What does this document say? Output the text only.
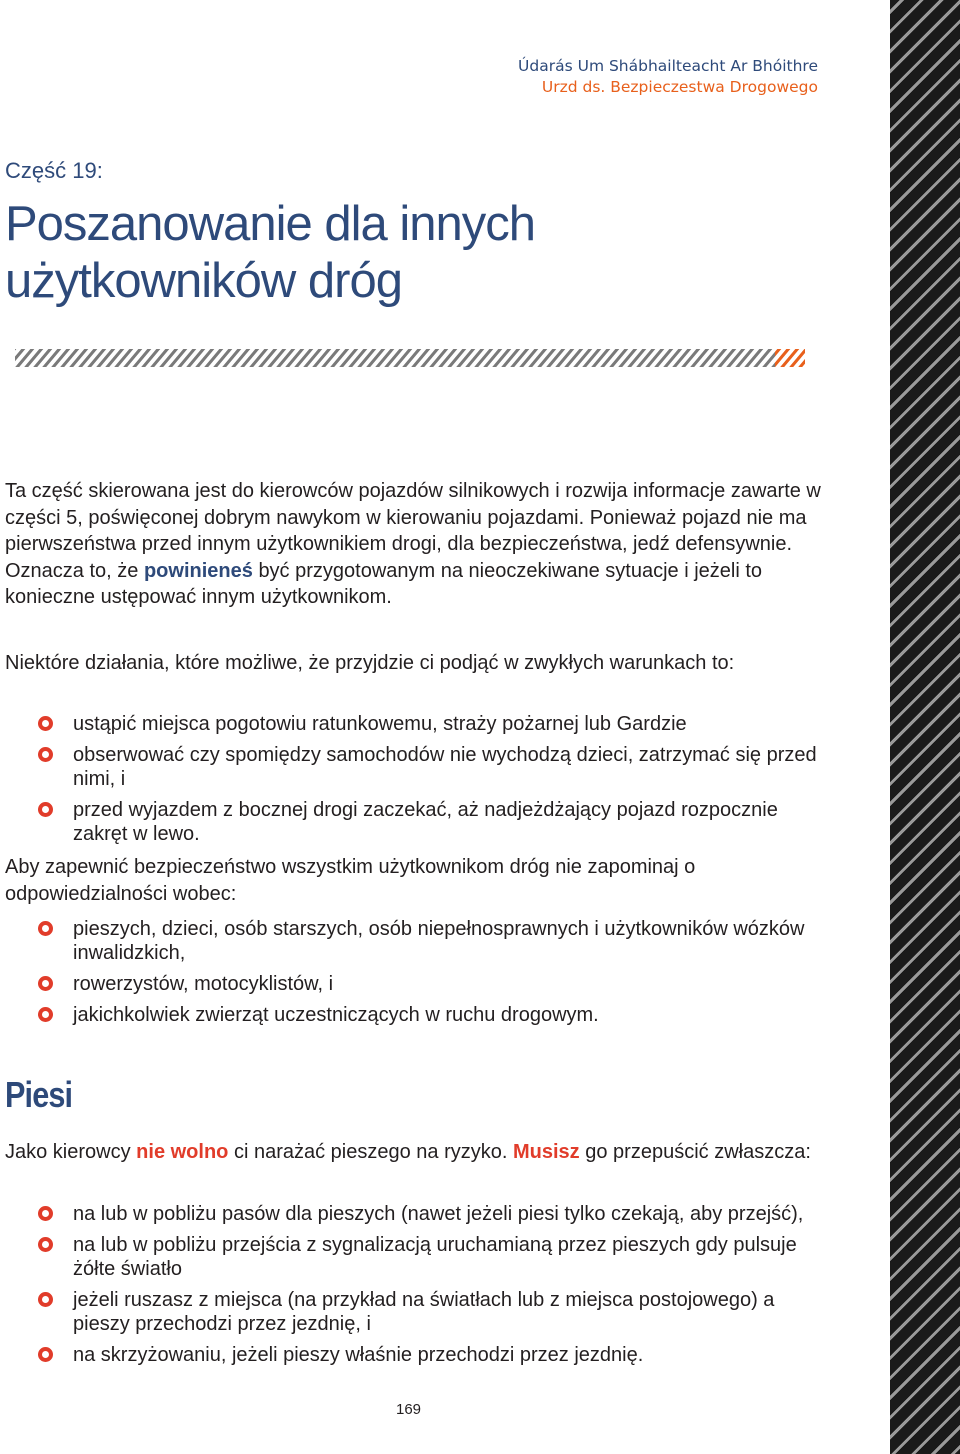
Údarás Um Shábhailteacht Ar Bhóithre
Urzd ds. Bezpieczestwa Drogowego
Część 19:
Poszanowanie dla innych
użytkowników dróg

Ta część skierowana jest do kierowców pojazdów silnikowych i rozwija informacje zawarte w części 5, poświęconej dobrym nawykom w kierowaniu pojazdami. Ponieważ pojazd nie ma pierwszeństwa przed innym użytkownikiem drogi, dla bezpieczeństwa, jedź defensywnie. Oznacza to, że powinieneś być przygotowanym na nieoczekiwane sytuacje i jeżeli to konieczne ustępować innym użytkownikom.

Niektóre działania, które możliwe, że przyjdzie ci podjąć w zwykłych warunkach to:

ustąpić miejsca pogotowiu ratunkowemu, straży pożarnej lub Gardzie
obserwować czy spomiędzy samochodów nie wychodzą dzieci, zatrzymać się przed nimi, i
przed wyjazdem z bocznej drogi zaczekać, aż nadjeżdżający pojazd rozpocznie zakręt w lewo.

Aby zapewnić bezpieczeństwo wszystkim użytkownikom dróg nie zapominaj o odpowiedzialności wobec:

pieszych, dzieci, osób starszych, osób niepełnosprawnych i użytkowników wózków inwalidzkich,
rowerzystów, motocyklistów, i
jakichkolwiek zwierząt uczestniczących w ruchu drogowym.
Piesi

Jako kierowcy nie wolno ci narażać pieszego na ryzyko. Musisz go przepuścić zwłaszcza:

na lub w pobliżu pasów dla pieszych (nawet jeżeli piesi tylko czekają, aby przejść),
na lub w pobliżu przejścia z sygnalizacją uruchamianą przez pieszych gdy pulsuje żółte światło
jeżeli ruszasz z miejsca (na przykład na światłach lub z miejsca postojowego) a pieszy przechodzi przez jezdnię, i
na skrzyżowaniu, jeżeli pieszy właśnie przechodzi przez jezdnię.
169
